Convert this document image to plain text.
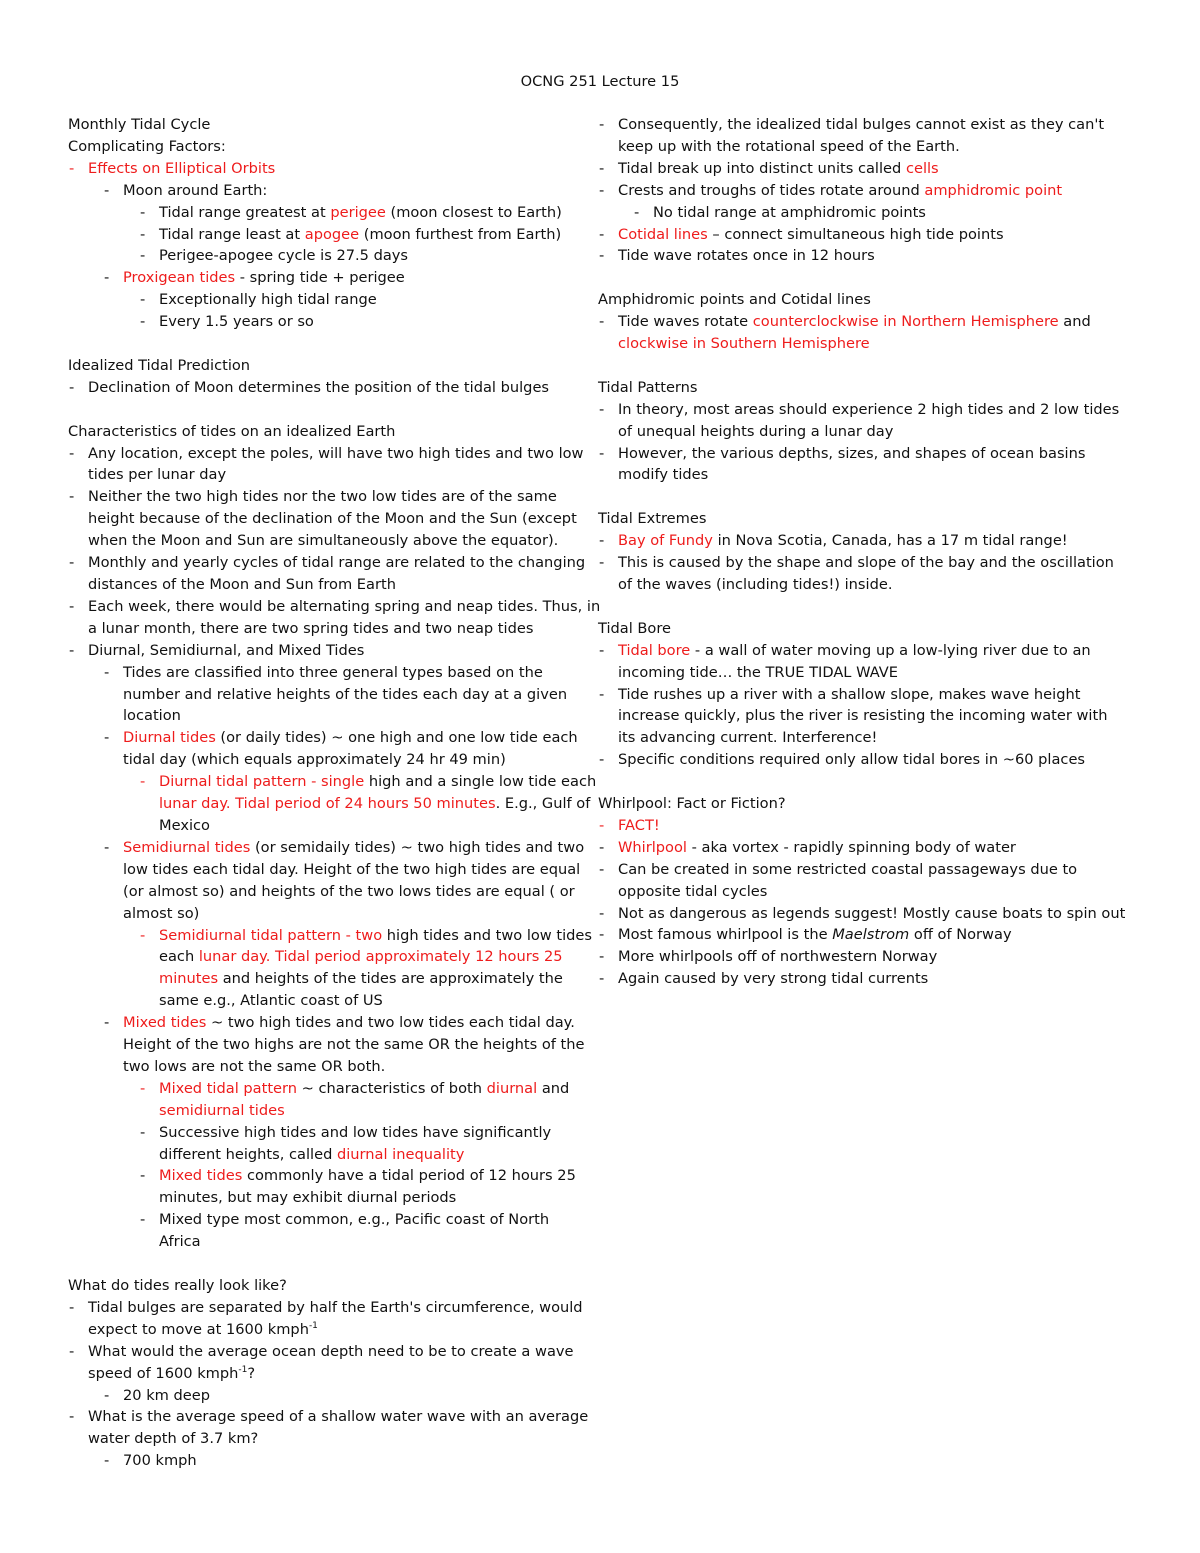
OCNG 251 Lecture 15
Monthly Tidal Cycle
Complicating Factors:
- Effects on Elliptical Orbits
- Moon around Earth:
- Tidal range greatest at perigee (moon closest to Earth)
- Tidal range least at apogee (moon furthest from Earth)
- Perigee-apogee cycle is 27.5 days
- Proxigean tides - spring tide + perigee
- Exceptionally high tidal range
- Every 1.5 years or so
Idealized Tidal Prediction
- Declination of Moon determines the position of the tidal bulges
Characteristics of tides on an idealized Earth
- Any location, except the poles, will have two high tides and two low
tides per lunar day
- Neither the two high tides nor the two low tides are of the same
height because of the declination of the Moon and the Sun (except
when the Moon and Sun are simultaneously above the equator).
- Monthly and yearly cycles of tidal range are related to the changing
distances of the Moon and Sun from Earth
- Each week, there would be alternating spring and neap tides. Thus, in
a lunar month, there are two spring tides and two neap tides
- Diurnal, Semidiurnal, and Mixed Tides
- Tides are classified into three general types based on the
number and relative heights of the tides each day at a given
location
- Diurnal tides (or daily tides) ~ one high and one low tide each
tidal day (which equals approximately 24 hr 49 min)
- Diurnal tidal pattern - single high and a single low tide each
lunar day. Tidal period of 24 hours 50 minutes. E.g., Gulf of
Mexico
- Semidiurnal tides (or semidaily tides) ~ two high tides and two
low tides each tidal day. Height of the two high tides are equal
(or almost so) and heights of the two lows tides are equal ( or
almost so)
- Semidiurnal tidal pattern - two high tides and two low tides
each lunar day. Tidal period approximately 12 hours 25
minutes and heights of the tides are approximately the
same e.g., Atlantic coast of US
- Mixed tides ~ two high tides and two low tides each tidal day.
Height of the two highs are not the same OR the heights of the
two lows are not the same OR both.
- Mixed tidal pattern ~ characteristics of both diurnal and
semidiurnal tides
- Successive high tides and low tides have significantly
different heights, called diurnal inequality
- Mixed tides commonly have a tidal period of 12 hours 25
minutes, but may exhibit diurnal periods
- Mixed type most common, e.g., Pacific coast of North
Africa
What do tides really look like?
- Tidal bulges are separated by half the Earth's circumference, would
expect to move at 1600 kmph$^{-1}$
- What would the average ocean depth need to be to create a wave
speed of 1600 kmph$^{-1}$?
- 20 km deep
- What is the average speed of a shallow water wave with an average
water depth of 3.7 km?
- 700 kmph
- Consequently, the idealized tidal bulges cannot exist as they can't
keep up with the rotational speed of the Earth.
- Tidal break up into distinct units called cells
- Crests and troughs of tides rotate around amphidromic point
- No tidal range at amphidromic points
- Cotidal lines – connect simultaneous high tide points
- Tide wave rotates once in 12 hours
Amphidromic points and Cotidal lines
- Tide waves rotate counterclockwise in Northern Hemisphere and
clockwise in Southern Hemisphere
Tidal Patterns
- In theory, most areas should experience 2 high tides and 2 low tides
of unequal heights during a lunar day
- However, the various depths, sizes, and shapes of ocean basins
modify tides
Tidal Extremes
- Bay of Fundy in Nova Scotia, Canada, has a 17 m tidal range!
- This is caused by the shape and slope of the bay and the oscillation
of the waves (including tides!) inside.
Tidal Bore
- Tidal bore - a wall of water moving up a low-lying river due to an
incoming tide… the TRUE TIDAL WAVE
- Tide rushes up a river with a shallow slope, makes wave height
increase quickly, plus the river is resisting the incoming water with
its advancing current. Interference!
- Specific conditions required only allow tidal bores in ~60 places
Whirlpool: Fact or Fiction?
- FACT!
- Whirlpool - aka vortex - rapidly spinning body of water
- Can be created in some restricted coastal passageways due to
opposite tidal cycles
- Not as dangerous as legends suggest! Mostly cause boats to spin out
- Most famous whirlpool is the Maelstrom off of Norway
- More whirlpools off of northwestern Norway
- Again caused by very strong tidal currents
